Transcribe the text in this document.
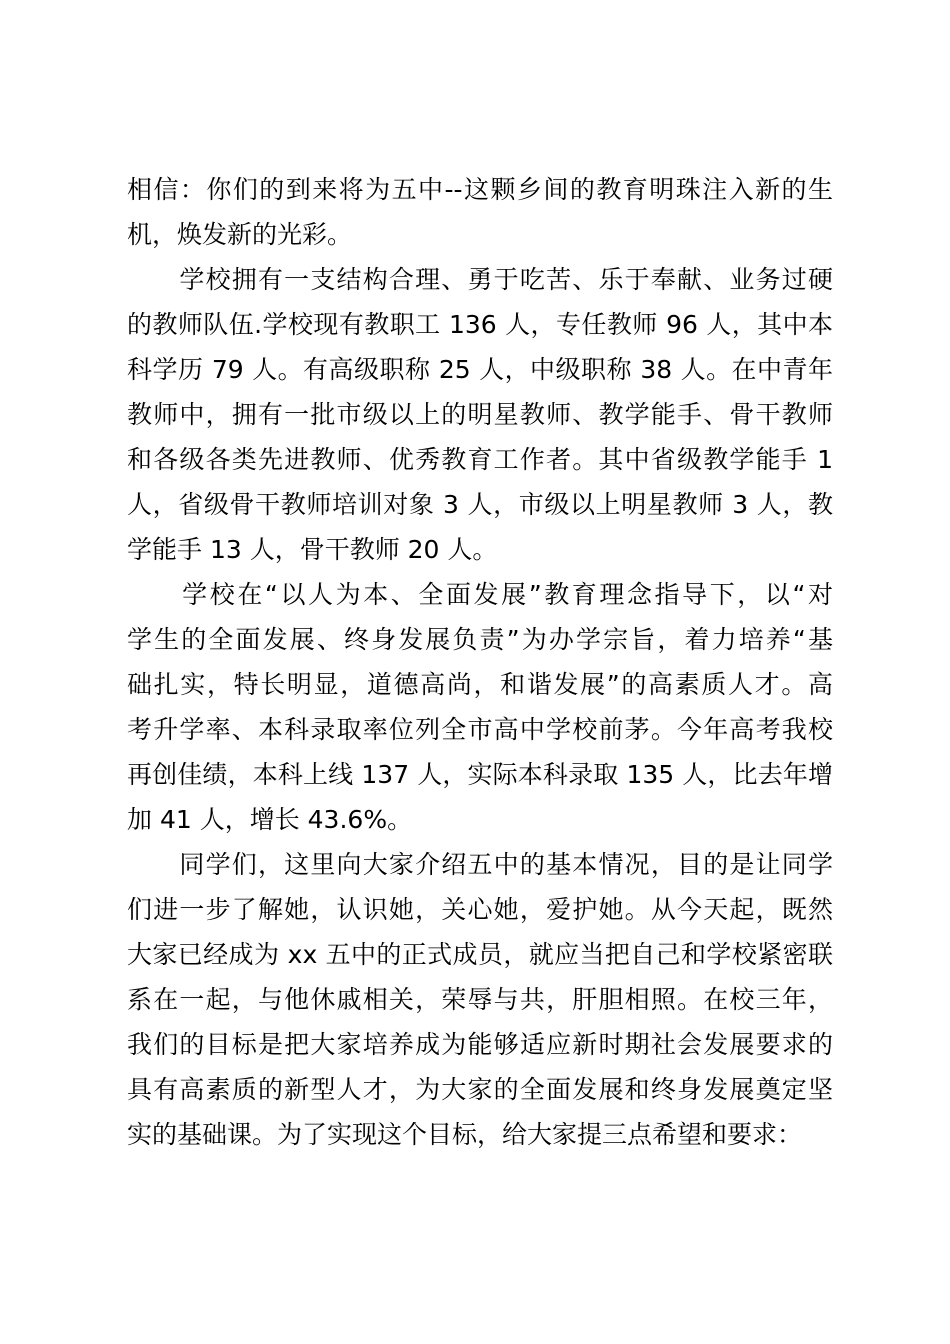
相信：你们的到来将为五中--这颗乡间的教育明珠注入新的生
机，焕发新的光彩。
　　学校拥有一支结构合理、勇于吃苦、乐于奉献、业务过硬
的教师队伍.学校现有教职工 136 人，专任教师 96 人，其中本
科学历 79 人。有高级职称 25 人，中级职称 38 人。在中青年
教师中，拥有一批市级以上的明星教师、教学能手、骨干教师
和各级各类先进教师、优秀教育工作者。其中省级教学能手 1
人，省级骨干教师培训对象 3 人，市级以上明星教师 3 人，教
学能手 13 人，骨干教师 20 人。
　　学校在“以人为本、全面发展”教育理念指导下，以“对
学生的全面发展、终身发展负责”为办学宗旨，着力培养“基
础扎实，特长明显，道德高尚，和谐发展”的高素质人才。高
考升学率、本科录取率位列全市高中学校前茅。今年高考我校
再创佳绩，本科上线 137 人，实际本科录取 135 人，比去年增
加 41 人，增长 43.6%。
　　同学们，这里向大家介绍五中的基本情况，目的是让同学
们进一步了解她，认识她，关心她，爱护她。从今天起，既然
大家已经成为 xx 五中的正式成员，就应当把自己和学校紧密联
系在一起，与他休戚相关，荣辱与共，肝胆相照。在校三年，
我们的目标是把大家培养成为能够适应新时期社会发展要求的
具有高素质的新型人才，为大家的全面发展和终身发展奠定坚
实的基础课。为了实现这个目标，给大家提三点希望和要求：
